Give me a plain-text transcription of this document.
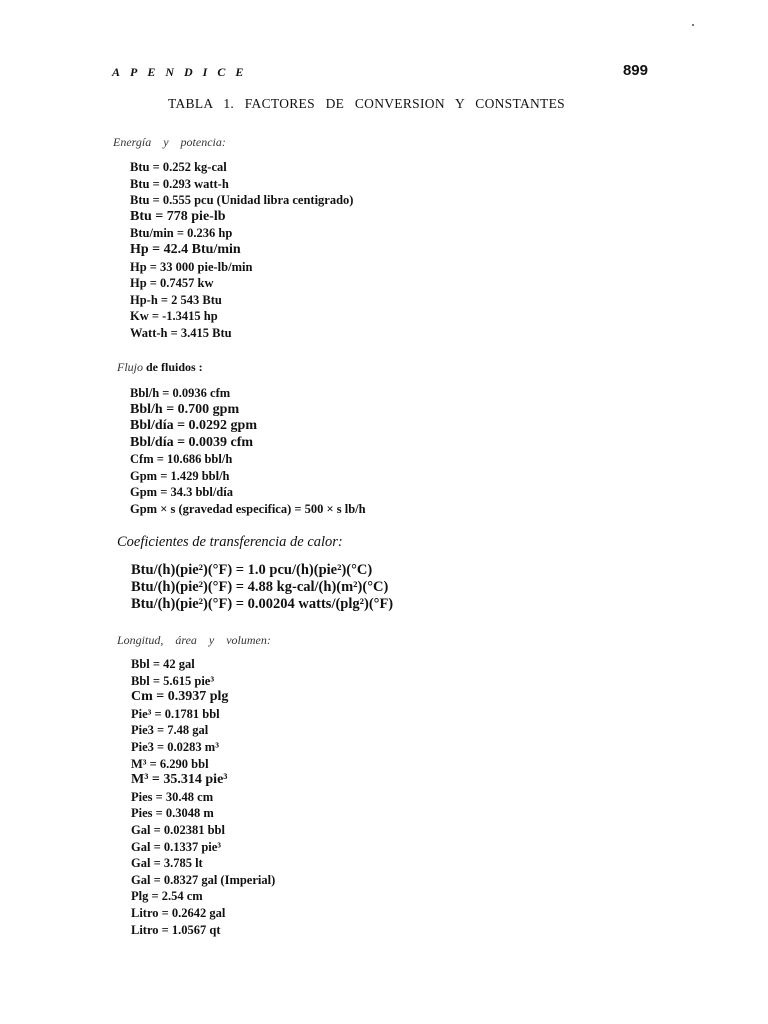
APENDICE	899
TABLA 1. FACTORES DE CONVERSION Y CONSTANTES
Energía y potencia:
Btu = 0.252 kg-cal
Btu = 0.293 watt-h
Btu = 0.555 pcu (Unidad libra centigrado)
Btu = 778 pie-lb
Btu/min = 0.236 hp
Hp = 42.4 Btu/min
Hp = 33 000 pie-lb/min
Hp = 0.7457 kw
Hp-h = 2 543 Btu
Kw = -1.3415 hp
Watt-h = 3.415 Btu
Flujo de fluidos :
Bbl/h = 0.0936 cfm
Bbl/h = 0.700 gpm
Bbl/día = 0.0292 gpm
Bbl/día = 0.0039 cfm
Cfm = 10.686 bbl/h
Gpm = 1.429 bbl/h
Gpm = 34.3 bbl/día
Gpm × s (gravedad especifica) = 500 × s lb/h
Coeficientes de transferencia de calor:
Btu/(h)(pie²)(°F) = 1.0 pcu/(h)(pie²)(°C)
Btu/(h)(pie²)(°F) = 4.88 kg-cal/(h)(m²)(°C)
Btu/(h)(pie²)(°F) = 0.00204 watts/(plg²)(°F)
Longitud, área y volumen:
Bbl = 42 gal
Bbl = 5.615 pie³
Cm = 0.3937 plg
Pie³ = 0.1781 bbl
Pie3 = 7.48 gal
Pie3 = 0.0283 m³
M³ = 6.290 bbl
M³ = 35.314 pie³
Pies = 30.48 cm
Pies = 0.3048 m
Gal = 0.02381 bbl
Gal = 0.1337 pie³
Gal = 3.785 lt
Gal = 0.8327 gal (Imperial)
Plg = 2.54 cm
Litro = 0.2642 gal
Litro = 1.0567 qt
